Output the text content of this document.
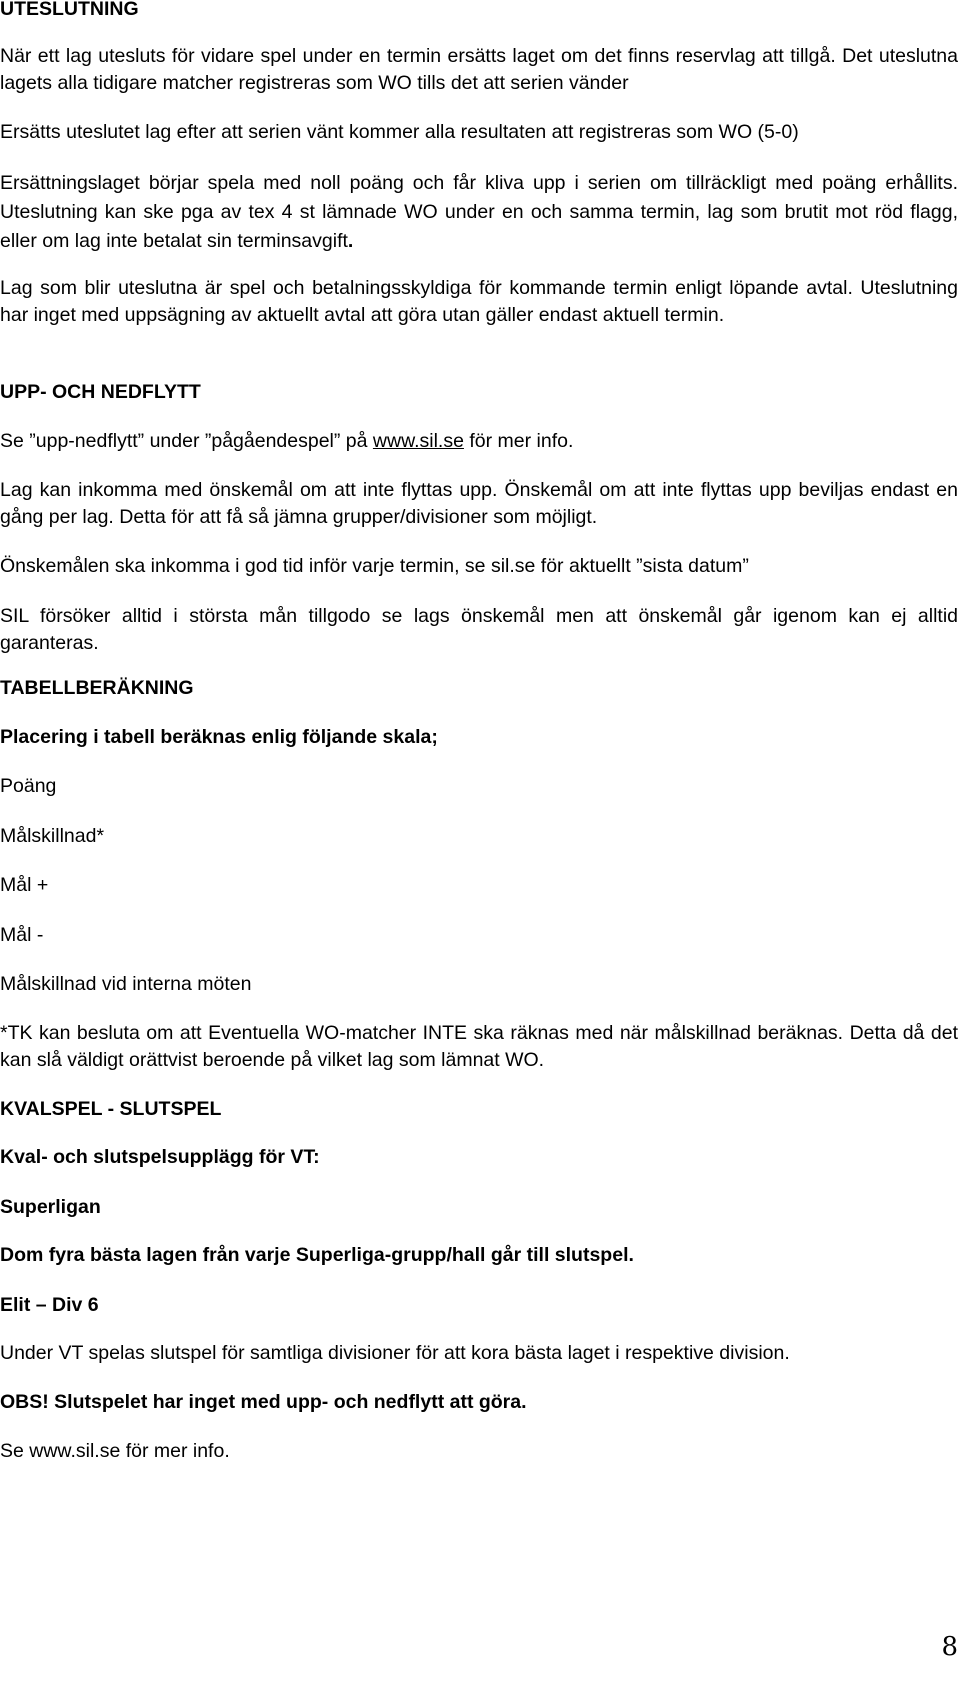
UTESLUTNING
När ett lag utesluts för vidare spel under en termin ersätts laget om det finns reservlag att tillgå. Det uteslutna lagets alla tidigare matcher registreras som WO tills det att serien vänder
Ersätts uteslutet lag efter att serien vänt kommer alla resultaten att registreras som WO (5-0)
Ersättningslaget börjar spela med noll poäng och får kliva upp i serien om tillräckligt med poäng erhållits. Uteslutning kan ske pga av tex 4 st lämnade WO under en och samma termin, lag som brutit mot röd flagg, eller om lag inte betalat sin terminsavgift.
Lag som blir uteslutna är spel och betalningsskyldiga för kommande termin enligt löpande avtal. Uteslutning har inget med uppsägning av aktuellt avtal att göra utan gäller endast aktuell termin.
UPP- OCH NEDFLYTT
Se ”upp-nedflytt” under ”pågåendespel” på www.sil.se för mer info.
Lag kan inkomma med önskemål om att inte flyttas upp. Önskemål om att inte flyttas upp beviljas endast en gång per lag. Detta för att få så jämna grupper/divisioner som möjligt.
Önskemålen ska inkomma i god tid inför varje termin, se sil.se för aktuellt ”sista datum”
SIL försöker alltid i största mån tillgodo se lags önskemål men att önskemål går igenom kan ej alltid garanteras.
TABELLBERÄKNING
Placering i tabell beräknas enlig följande skala;
Poäng
Målskillnad*
Mål +
Mål -
Målskillnad vid interna möten
*TK kan besluta om att Eventuella WO-matcher INTE ska räknas med när målskillnad beräknas. Detta då det kan slå väldigt orättvist beroende på vilket lag som lämnat WO.
KVALSPEL - SLUTSPEL
Kval- och slutspelsupplägg för VT:
Superligan
Dom fyra bästa lagen från varje Superliga-grupp/hall går till slutspel.
Elit – Div 6
Under VT spelas slutspel för samtliga divisioner för att kora bästa laget i respektive division.
OBS! Slutspelet har inget med upp- och nedflytt att göra.
Se www.sil.se för mer info.
8
